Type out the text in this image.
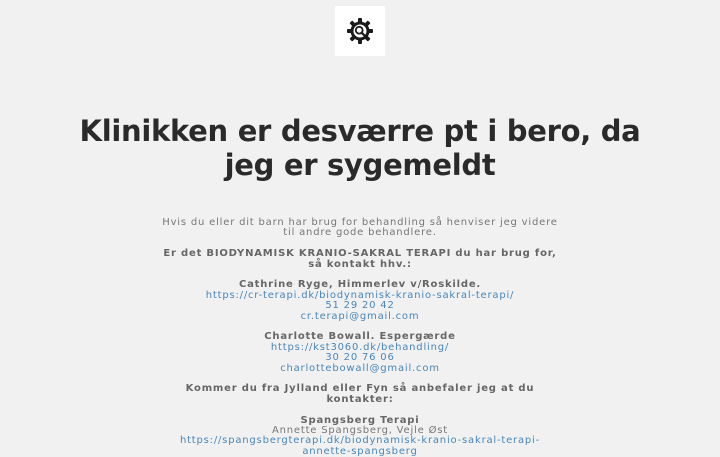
Klinikken er desværre pt i bero, da jeg er sygemeldt

Hvis du eller dit barn har brug for behandling så henviser jeg videre til andre gode behandlere.

Er det BIODYNAMISK KRANIO-SAKRAL TERAPI du har brug for, så kontakt hhv.:

Cathrine Ryge, Himmerlev v/Roskilde.

https://cr-terapi.dk/biodynamisk-kranio-sakral-terapi/
51 29 20 42
cr.terapi@gmail.com

Charlotte Bowall. Espergærde

https://kst3060.dk/behandling/
30 20 76 06
charlottebowall@gmail.com

Kommer du fra Jylland eller Fyn så anbefaler jeg at du kontakter:

Spangsberg Terapi

Annette Spangsberg, Vejle Øst
https://spangsbergterapi.dk/biodynamisk-kranio-sakral-terapi-annette-spangsberg
